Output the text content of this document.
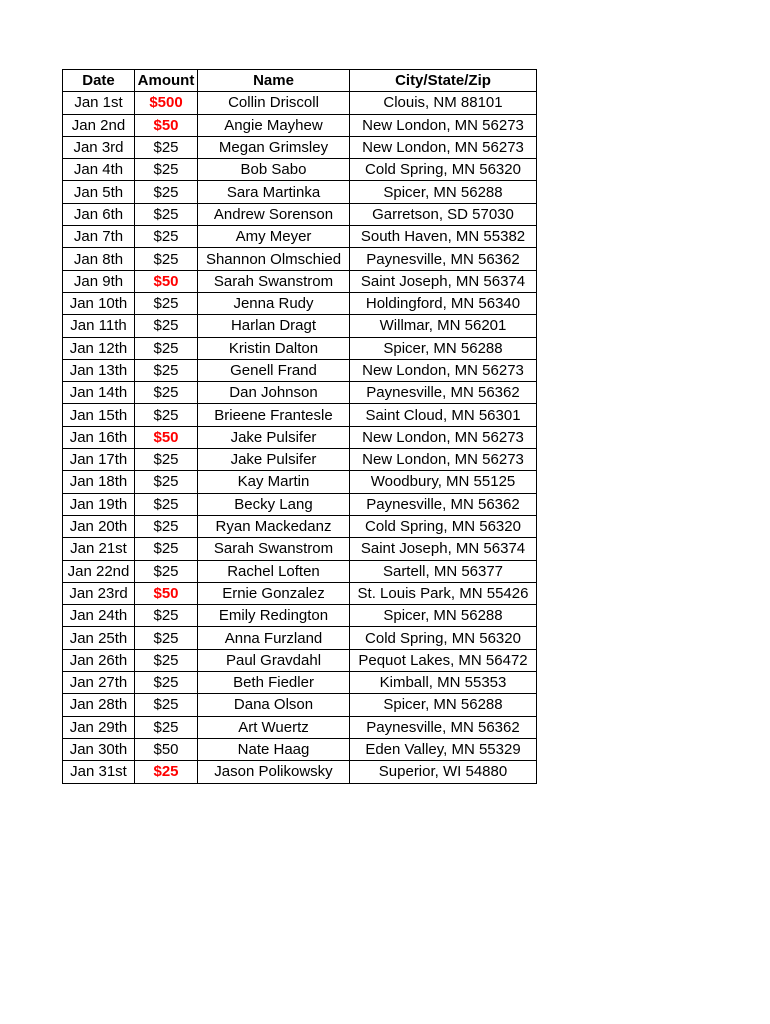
Date	Amount	Name	City/State/Zip
Jan 1st	$500	Collin Driscoll	Clouis, NM 88101
Jan 2nd	$50	Angie Mayhew	New London, MN 56273
Jan 3rd	$25	Megan Grimsley	New London, MN 56273
Jan 4th	$25	Bob Sabo	Cold Spring, MN 56320
Jan 5th	$25	Sara Martinka	Spicer, MN 56288
Jan 6th	$25	Andrew Sorenson	Garretson, SD 57030
Jan 7th	$25	Amy Meyer	South Haven, MN 55382
Jan 8th	$25	Shannon Olmschied	Paynesville, MN 56362
Jan 9th	$50	Sarah Swanstrom	Saint Joseph, MN 56374
Jan 10th	$25	Jenna Rudy	Holdingford, MN 56340
Jan 11th	$25	Harlan Dragt	Willmar, MN 56201
Jan 12th	$25	Kristin Dalton	Spicer, MN 56288
Jan 13th	$25	Genell Frand	New London, MN 56273
Jan 14th	$25	Dan Johnson	Paynesville, MN 56362
Jan 15th	$25	Brieene Frantesle	Saint Cloud, MN 56301
Jan 16th	$50	Jake Pulsifer	New London, MN 56273
Jan 17th	$25	Jake Pulsifer	New London, MN 56273
Jan 18th	$25	Kay Martin	Woodbury, MN 55125
Jan 19th	$25	Becky Lang	Paynesville, MN 56362
Jan 20th	$25	Ryan Mackedanz	Cold Spring, MN 56320
Jan 21st	$25	Sarah Swanstrom	Saint Joseph, MN 56374
Jan 22nd	$25	Rachel Loften	Sartell, MN 56377
Jan 23rd	$50	Ernie Gonzalez	St. Louis Park, MN 55426
Jan 24th	$25	Emily Redington	Spicer, MN 56288
Jan 25th	$25	Anna Furzland	Cold Spring, MN 56320
Jan 26th	$25	Paul Gravdahl	Pequot Lakes, MN 56472
Jan 27th	$25	Beth Fiedler	Kimball, MN 55353
Jan 28th	$25	Dana Olson	Spicer, MN 56288
Jan 29th	$25	Art Wuertz	Paynesville, MN 56362
Jan 30th	$50	Nate Haag	Eden Valley, MN 55329
Jan 31st	$25	Jason Polikowsky	Superior, WI 54880
